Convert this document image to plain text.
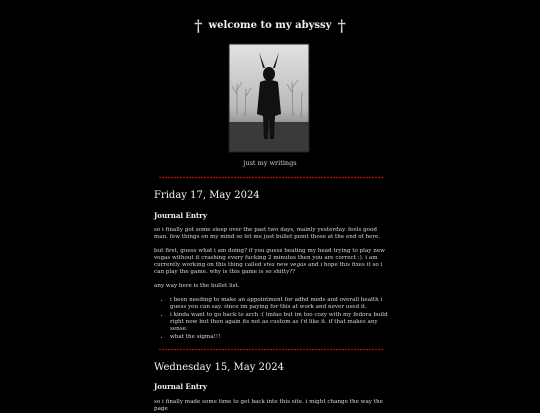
† welcome to my abyssy †
just my writings
Friday 17, May 2024
Journal Entry

so i finally got some sleep over the past two days, mainly yesterday. feels good man. few things on my mind so let me just bullet point those at the end of here.

but first, guess what i am doing? if you guess beating my head trying to play new vegas without it crashing every fucking 2 minutes then you are correct :). i am currently working on this thing called viva new vegas and i hope this fixes it so i can play the game. why is this game is so shitty??

any way here is the bullet list.

• i been needing to make an appointment for adhd meds and overall health i guess you can say. since im paying for this at work and never used it.
• i kinda want to go back to arch :( lmfao but im too cozy with my fedora build right now but then again its not as custom as i'd like it. if that makes any sense.
• what the sigma!!!
Wednesday 15, May 2024
Journal Entry

so i finally made some time to get back into this site. i might change the way the page
